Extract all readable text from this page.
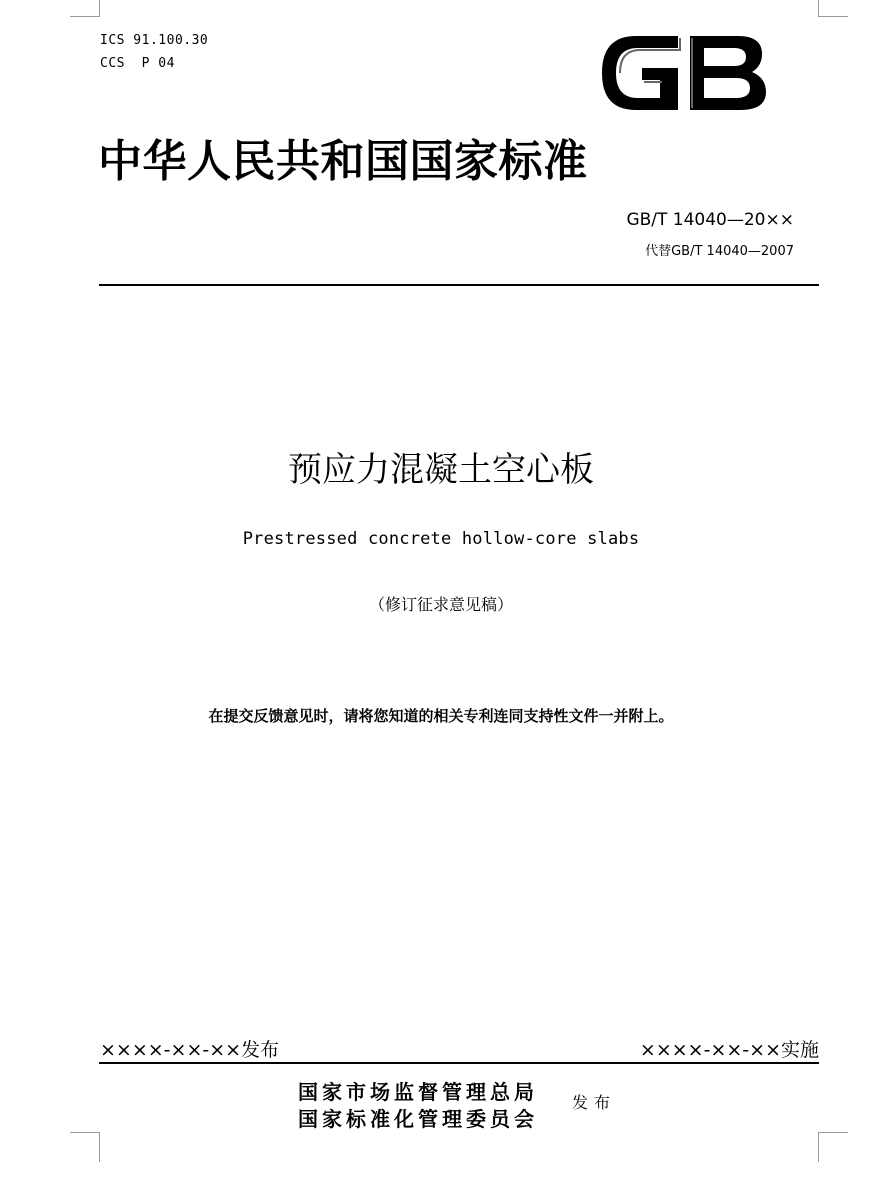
ICS 91.100.30
CCS  P 04
GB
中华人民共和国国家标准
GB/T 14040—20××
代替GB/T 14040—2007
预应力混凝土空心板
Prestressed concrete hollow-core slabs
（修订征求意见稿）
在提交反馈意见时，请将您知道的相关专利连同支持性文件一并附上。
××××-××-××发布	××××-××-××实施
国家市场监督管理总局
国家标准化管理委员会
发布
